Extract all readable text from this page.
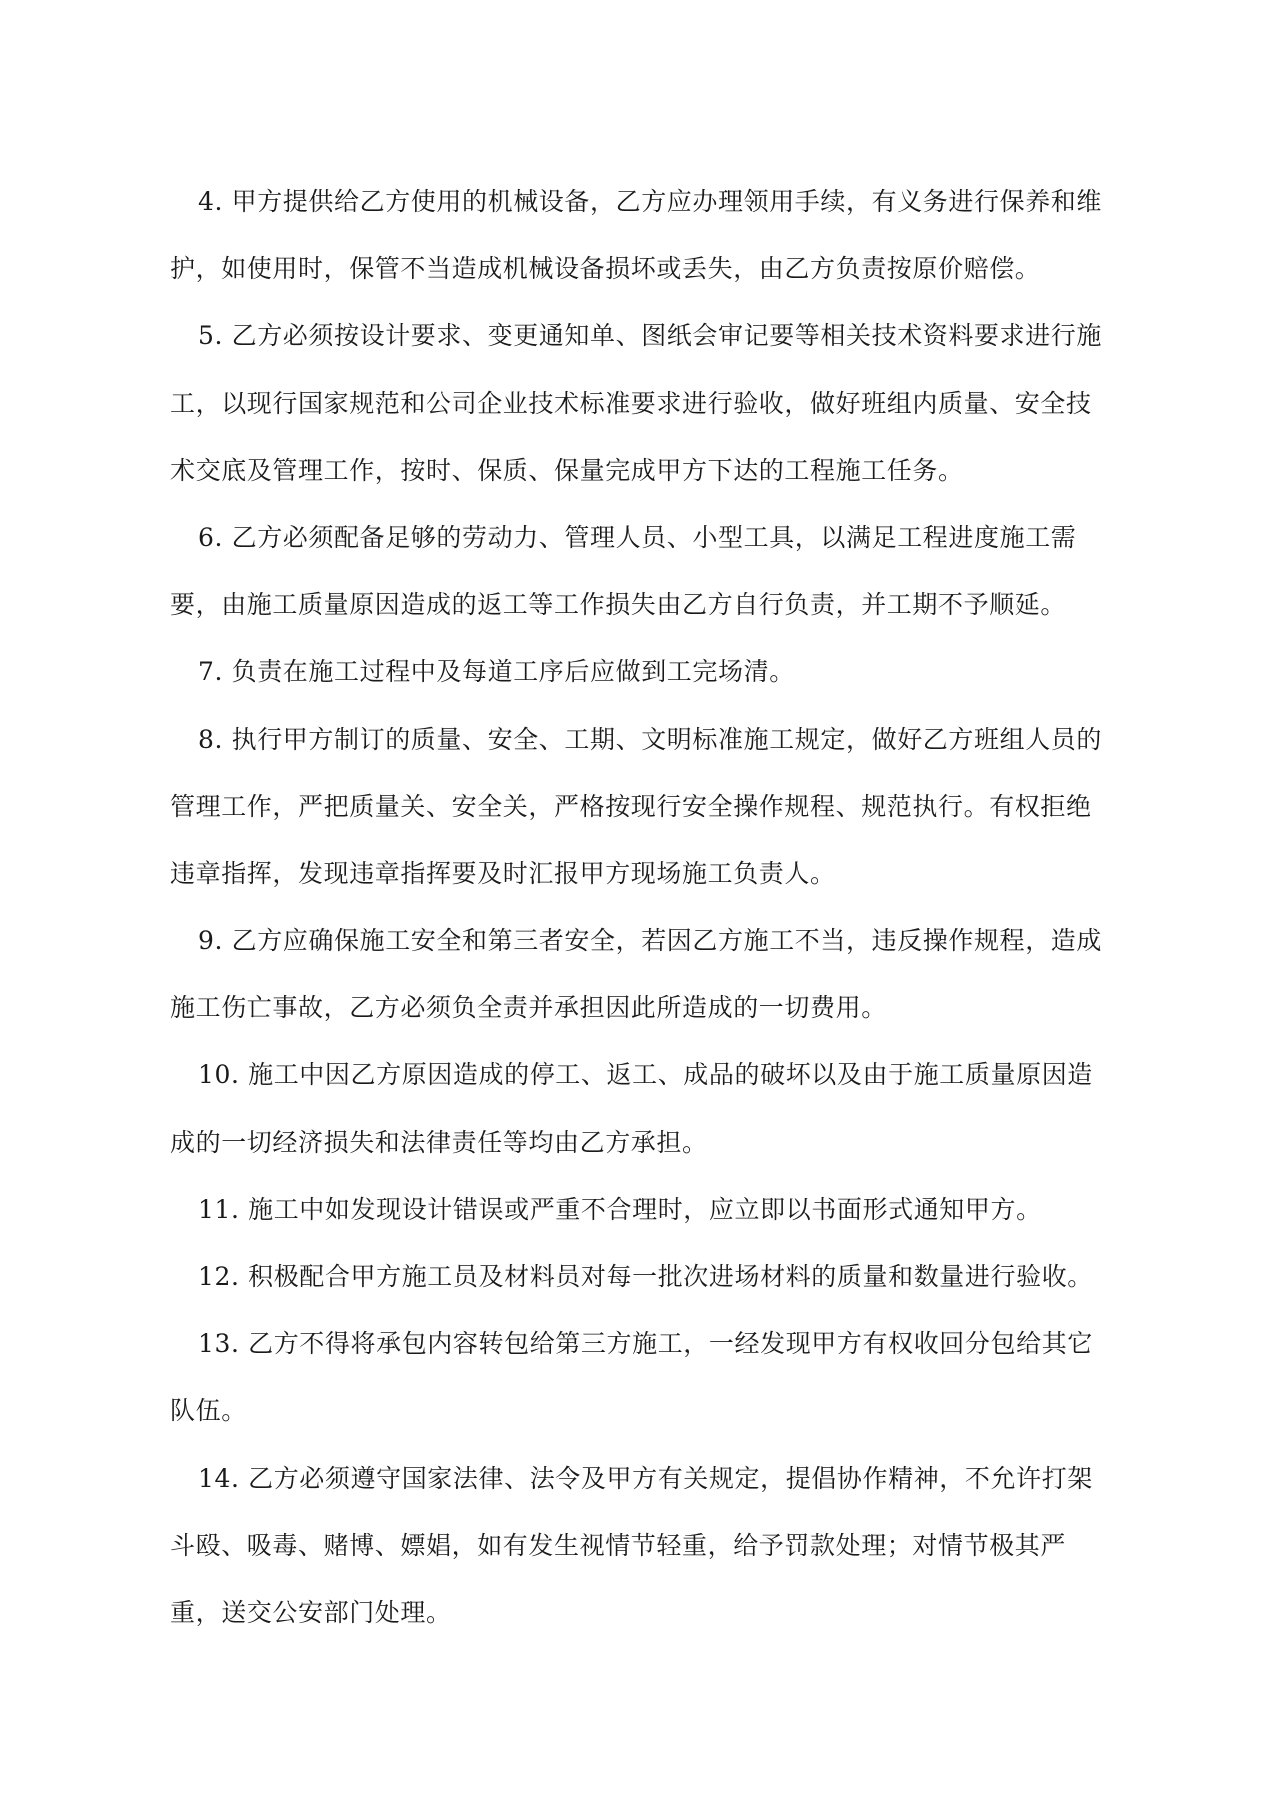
4. 甲方提供给乙方使用的机械设备，乙方应办理领用手续，有义务进行保养和维
护，如使用时，保管不当造成机械设备损坏或丢失，由乙方负责按原价赔偿。
5. 乙方必须按设计要求、变更通知单、图纸会审记要等相关技术资料要求进行施
工，以现行国家规范和公司企业技术标准要求进行验收，做好班组内质量、安全技
术交底及管理工作，按时、保质、保量完成甲方下达的工程施工任务。
6. 乙方必须配备足够的劳动力、管理人员、小型工具，以满足工程进度施工需
要，由施工质量原因造成的返工等工作损失由乙方自行负责，并工期不予顺延。
7. 负责在施工过程中及每道工序后应做到工完场清。
8. 执行甲方制订的质量、安全、工期、文明标准施工规定，做好乙方班组人员的
管理工作，严把质量关、安全关，严格按现行安全操作规程、规范执行。有权拒绝
违章指挥，发现违章指挥要及时汇报甲方现场施工负责人。
9. 乙方应确保施工安全和第三者安全，若因乙方施工不当，违反操作规程，造成
施工伤亡事故，乙方必须负全责并承担因此所造成的一切费用。
10. 施工中因乙方原因造成的停工、返工、成品的破坏以及由于施工质量原因造
成的一切经济损失和法律责任等均由乙方承担。
11. 施工中如发现设计错误或严重不合理时，应立即以书面形式通知甲方。
12. 积极配合甲方施工员及材料员对每一批次进场材料的质量和数量进行验收。
13. 乙方不得将承包内容转包给第三方施工，一经发现甲方有权收回分包给其它
队伍。
14. 乙方必须遵守国家法律、法令及甲方有关规定，提倡协作精神，不允许打架
斗殴、吸毒、赌博、嫖娼，如有发生视情节轻重，给予罚款处理；对情节极其严
重，送交公安部门处理。
